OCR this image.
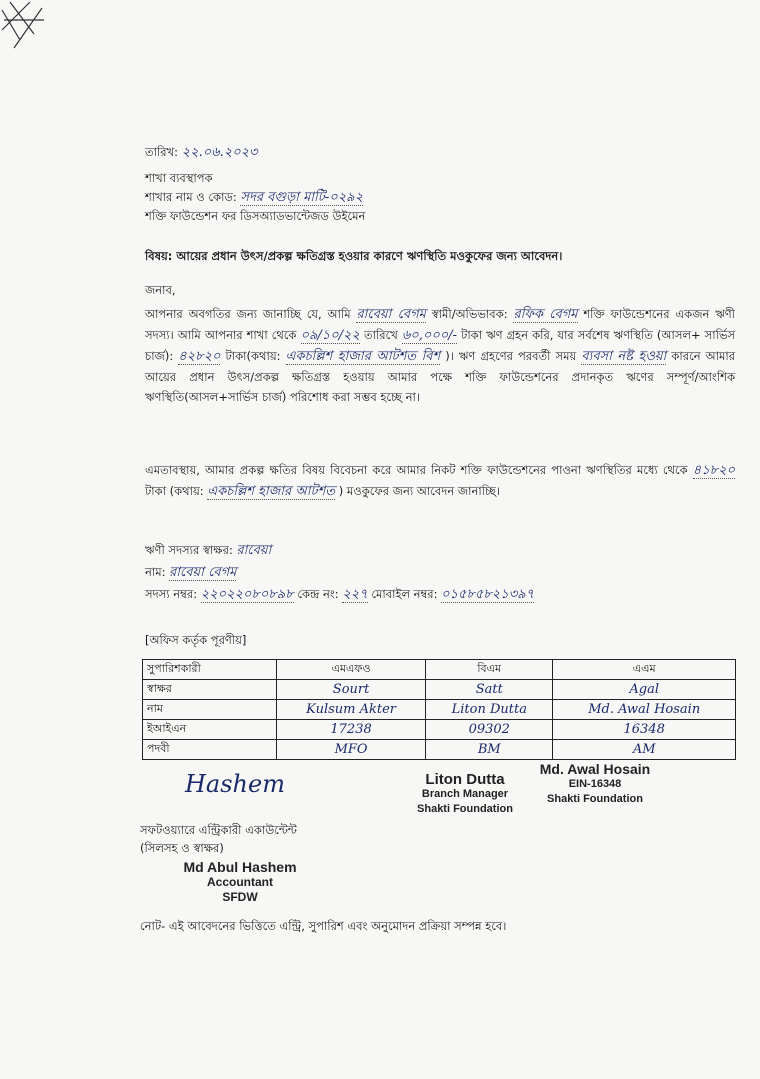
তারিখ: ২২.০৬.২০২৩
শাখা ব্যবস্থাপক
শাখার নাম ও কোড: সদর বগুড়া মাটি-০২৯২
শক্তি ফাউন্ডেশন ফর ডিসঅ্যাডভান্টেজড উইমেন
বিষয়: আয়ের প্রধান উৎস/প্রকল্প ক্ষতিগ্রস্ত হওয়ার কারণে ঋণস্থিতি মওকুফের জন্য আবেদন।
জনাব,
আপনার অবগতির জন্য জানাচ্ছি যে, আমি রাবেয়া বেগম স্বামী/অভিভাবক: রফিক বেগম শক্তি ফাউন্ডেশনের একজন ঋণী সদস্য। আমি আপনার শাখা থেকে ০৯/১০/২২ তারিখে ৬০,০০০/- টাকা ঋণ গ্রহন করি, যার সর্বশেষ ঋণস্থিতি (আসল+ সার্ভিস চার্জ): ৪২৮২০ টাকা(কথায়: একচল্লিশ হাজার আটশত বিশ )। ঋণ গ্রহণের পরবর্তী সময় ব্যবসা নষ্ট হওয়া কারনে আমার আয়ের প্রধান উৎস/প্রকল্প ক্ষতিগ্রস্ত হওয়ায় আমার পক্ষে শক্তি ফাউন্ডেশনের প্রদানকৃত ঋণের সম্পূর্ণ/আংশিক ঋণস্থিতি(আসল+সার্ভিস চার্জ) পরিশোধ করা সম্ভব হচ্ছে না।
এমতাবস্থায়, আমার প্রকল্প ক্ষতির বিষয় বিবেচনা করে আমার নিকট শক্তি ফাউন্ডেশনের পাওনা ঋণস্থিতির মধ্যে থেকে ৪১৮২০ টাকা (কথায়: একচল্লিশ হাজার আটশত ) মওকুফের জন্য আবেদন জানাচ্ছি।
ঋণী সদস্যর স্বাক্ষর: রাবেয়া
নাম: রাবেয়া বেগম
সদস্য নম্বর: ২২০২২০৮০৮৯৮ কেন্দ্র নং: ২২৭ মোবাইল নম্বর: ০১৫৮৫৮২১৩৯৭
[অফিস কর্তৃক পূরণীয়]
সুপারিশকারী	এমএফও	বিএম	এএম
স্বাক্ষর	Sourt	Satt	Agal
নাম	Kulsum Akter	Liton Dutta	Md. Awal Hosain
ইআইএন	17238	09302	16348
পদবী	MFO	BM	AM
Hashem	Liton Dutta
Branch Manager
Shakti Foundation
Md. Awal Hosain
EIN-16348
Shakti Foundation
সফটওয়্যারে এন্ট্রিকারী একাউন্টেন্ট
(সিলসহ ও স্বাক্ষর)
Md Abul Hashem
Accountant
SFDW
নোট- এই আবেদনের ভিত্তিতে এন্ট্রি, সুপারিশ এবং অনুমোদন প্রক্রিয়া সম্পন্ন হবে।
